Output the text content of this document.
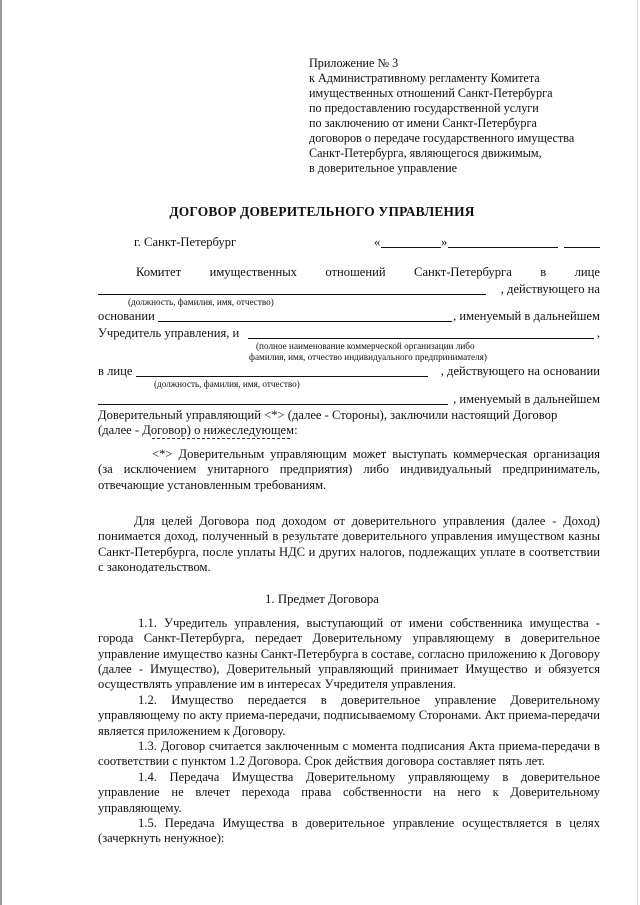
Приложение № 3
к Административному регламенту Комитета
имущественных отношений Санкт-Петербурга
по предоставлению государственной услуги
по заключению от имени Санкт-Петербурга
договоров о передаче государственного имущества
Санкт-Петербурга, являющегося движимым,
в доверительное управление
ДОГОВОР ДОВЕРИТЕЛЬНОГО УПРАВЛЕНИЯ
г. Санкт-Петербург	«	»
Комитет имущественных отношений Санкт-Петербурга в лице
, действующего на
(должность, фамилия, имя, отчество)
основании	, именуемый в дальнейшем
Учредитель управления, и	,
(полное наименование коммерческой организации либо
фамилия, имя, отчество индивидуального предпринимателя)
в лице	, действующего на основании
(должность, фамилия, имя, отчество)
, именуемый в дальнейшем
Доверительный управляющий <*> (далее - Стороны), заключили настоящий Договор
(далее - Договор) о нижеследующем:
<*> Доверительным управляющим может выступать коммерческая организация (за исключением унитарного предприятия) либо индивидуальный предприниматель, отвечающие установленным требованиям.
Для целей Договора под доходом от доверительного управления (далее - Доход) понимается доход, полученный в результате доверительного управления имуществом казны Санкт-Петербурга, после уплаты НДС и других налогов, подлежащих уплате в соответствии с законодательством.
1. Предмет Договора
1.1. Учредитель управления, выступающий от имени собственника имущества - города Санкт-Петербурга, передает Доверительному управляющему в доверительное управление имущество казны Санкт-Петербурга в составе, согласно приложению к Договору (далее - Имущество), Доверительный управляющий принимает Имущество и обязуется осуществлять управление им в интересах Учредителя управления.
1.2. Имущество передается в доверительное управление Доверительному управляющему по акту приема-передачи, подписываемому Сторонами. Акт приема-передачи является приложением к Договору.
1.3. Договор считается заключенным с момента подписания Акта приема-передачи в соответствии с пунктом 1.2 Договора. Срок действия договора составляет пять лет.
1.4. Передача Имущества Доверительному управляющему в доверительное управление не влечет перехода права собственности на него к Доверительному управляющему.
1.5. Передача Имущества в доверительное управление осуществляется в целях (зачеркнуть ненужное):
